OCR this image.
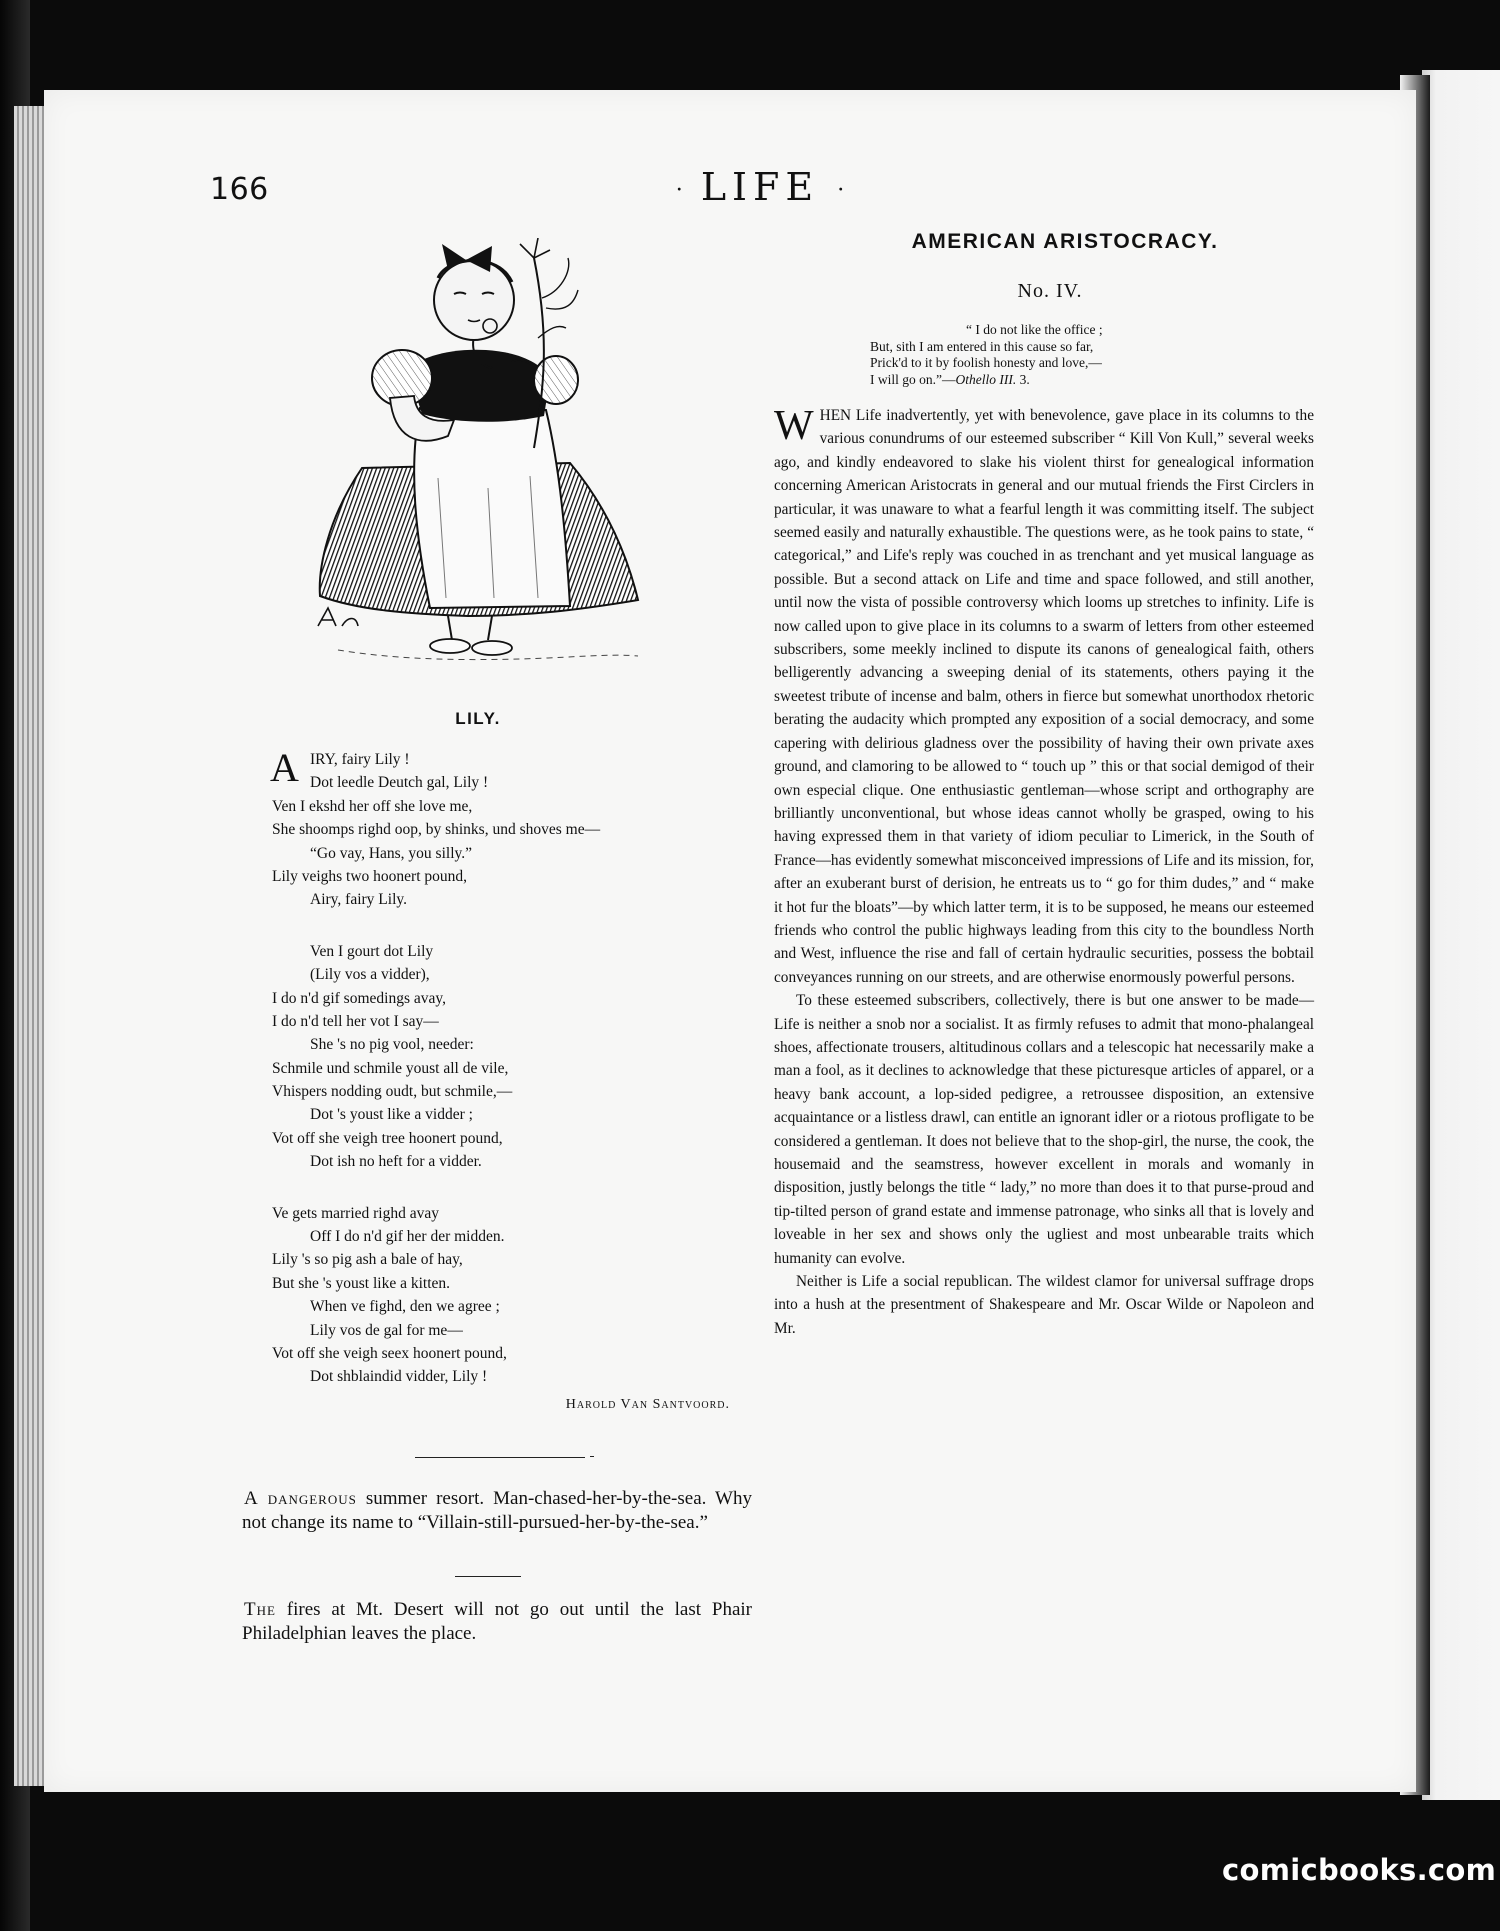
166	· LIFE ·
LILY.
A IRY, fairy Lily !
Dot leedle Deutch gal, Lily !
Ven I ekshd her off she love me,
She shoomps righd oop, by shinks, und shoves me—
“Go vay, Hans, you silly.”
Lily veighs two hoonert pound,
Airy, fairy Lily.
Ven I gourt dot Lily
(Lily vos a vidder),
I do n'd gif somedings avay,
I do n'd tell her vot I say—
She 's no pig vool, needer:
Schmile und schmile youst all de vile,
Vhispers nodding oudt, but schmile,—
Dot 's youst like a vidder ;
Vot off she veigh tree hoonert pound,
Dot ish no heft for a vidder.
Ve gets married righd avay
Off I do n'd gif her der midden.
Lily 's so pig ash a bale of hay,
But she 's youst like a kitten.
When ve fighd, den we agree ;
Lily vos de gal for me—
Vot off she veigh seex hoonert pound,
Dot shblaindid vidder, Lily !
Harold Van Santvoord.
A dangerous summer resort. Man-chased-her-by-the-sea. Why not change its name to “Villain-still-pursued-her-by-the-sea.”
The fires at Mt. Desert will not go out until the last Phair Philadelphian leaves the place.
AMERICAN ARISTOCRACY.
No. IV.
“ I do not like the office ;
But, sith I am entered in this cause so far,
Prick'd to it by foolish honesty and love,—
I will go on.”—Othello III. 3.

WHEN Life inadvertently, yet with benevolence, gave place in its columns to the various conundrums of our esteemed subscriber “ Kill Von Kull,” several weeks ago, and kindly endeavored to slake his violent thirst for genealogical information concerning American Aristocrats in general and our mutual friends the First Circlers in particular, it was unaware to what a fearful length it was committing itself. The subject seemed easily and naturally exhaustible. The questions were, as he took pains to state, “ categorical,” and Life's reply was couched in as trenchant and yet musical language as possible. But a second attack on Life and time and space followed, and still another, until now the vista of possible controversy which looms up stretches to infinity. Life is now called upon to give place in its columns to a swarm of letters from other esteemed subscribers, some meekly inclined to dispute its canons of genealogical faith, others belligerently advancing a sweeping denial of its statements, others paying it the sweetest tribute of incense and balm, others in fierce but somewhat unorthodox rhetoric berating the audacity which prompted any exposition of a social democracy, and some capering with delirious gladness over the possibility of having their own private axes ground, and clamoring to be allowed to “ touch up ” this or that social demigod of their own especial clique. One enthusiastic gentleman—whose script and orthography are brilliantly unconventional, but whose ideas cannot wholly be grasped, owing to his having expressed them in that variety of idiom peculiar to Limerick, in the South of France—has evidently somewhat misconceived impressions of Life and its mission, for, after an exuberant burst of derision, he entreats us to “ go for thim dudes,” and “ make it hot fur the bloats”—by which latter term, it is to be supposed, he means our esteemed friends who control the public highways leading from this city to the boundless North and West, influence the rise and fall of certain hydraulic securities, possess the bobtail conveyances running on our streets, and are otherwise enormously powerful persons.

To these esteemed subscribers, collectively, there is but one answer to be made—Life is neither a snob nor a socialist. It as firmly refuses to admit that mono-phalangeal shoes, affectionate trousers, altitudinous collars and a telescopic hat necessarily make a man a fool, as it declines to acknowledge that these picturesque articles of apparel, or a heavy bank account, a lop-sided pedigree, a retroussee disposition, an extensive acquaintance or a listless drawl, can entitle an ignorant idler or a riotous profligate to be considered a gentleman. It does not believe that to the shop-girl, the nurse, the cook, the housemaid and the seamstress, however excellent in morals and womanly in disposition, justly belongs the title “ lady,” no more than does it to that purse-proud and tip-tilted person of grand estate and immense patronage, who sinks all that is lovely and loveable in her sex and shows only the ugliest and most unbearable traits which humanity can evolve.

Neither is Life a social republican. The wildest clamor for universal suffrage drops into a hush at the presentment of Shakespeare and Mr. Oscar Wilde or Napoleon and Mr.

comicbooks.com
